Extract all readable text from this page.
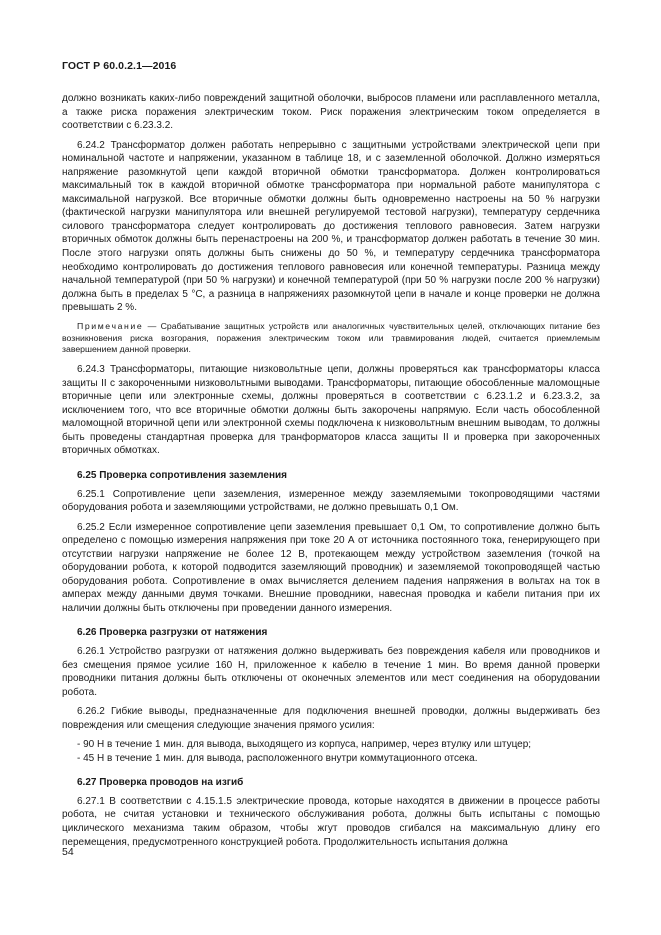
ГОСТ Р 60.0.2.1—2016

должно возникать каких-либо повреждений защитной оболочки, выбросов пламени или расплавленного металла, а также риска поражения электрическим током. Риск поражения электрическим током определяется в соответствии с 6.23.3.2.

6.24.2 Трансформатор должен работать непрерывно с защитными устройствами электрической цепи при номинальной частоте и напряжении, указанном в таблице 18, и с заземленной оболочкой. Должно измеряться напряжение разомкнутой цепи каждой вторичной обмотки трансформатора. Должен контролироваться максимальный ток в каждой вторичной обмотке трансформатора при нормальной работе манипулятора с максимальной нагрузкой. Все вторичные обмотки должны быть одновременно настроены на 50 % нагрузки (фактической нагрузки манипулятора или внешней регулируемой тестовой нагрузки), температуру сердечника силового трансформатора следует контролировать до достижения теплового равновесия. Затем нагрузки вторичных обмоток должны быть перенастроены на 200 %, и трансформатор должен работать в течение 30 мин. После этого нагрузки опять должны быть снижены до 50 %, и температуру сердечника трансформатора необходимо контролировать до достижения теплового равновесия или конечной температуры. Разница между начальной температурой (при 50 % нагрузки) и конечной температурой (при 50 % нагрузки после 200 % нагрузки) должна быть в пределах 5 °С, а разница в напряжениях разомкнутой цепи в начале и конце проверки не должна превышать 2 %.

Примечание — Срабатывание защитных устройств или аналогичных чувствительных целей, отключающих питание без возникновения риска возгорания, поражения электрическим током или травмирования людей, считается приемлемым завершением данной проверки.

6.24.3 Трансформаторы, питающие низковольтные цепи, должны проверяться как трансформаторы класса защиты II с закороченными низковольтными выводами. Трансформаторы, питающие обособленные маломощные вторичные цепи или электронные схемы, должны проверяться в соответствии с 6.23.1.2 и 6.23.3.2, за исключением того, что все вторичные обмотки должны быть закорочены напрямую. Если часть обособленной маломощной вторичной цепи или электронной схемы подключена к низковольтным внешним выводам, то должны быть проведены стандартная проверка для транформаторов класса защиты II и проверка при закороченных вторичных обмотках.

6.25 Проверка сопротивления заземления

6.25.1 Сопротивление цепи заземления, измеренное между заземляемыми токопроводящими частями оборудования робота и заземляющими устройствами, не должно превышать 0,1 Ом.

6.25.2 Если измеренное сопротивление цепи заземления превышает 0,1 Ом, то сопротивление должно быть определено с помощью измерения напряжения при токе 20 А от источника постоянного тока, генерирующего при отсутствии нагрузки напряжение не более 12 В, протекающем между устройством заземления (точкой на оборудовании робота, к которой подводится заземляющий проводник) и заземляемой токопроводящей частью оборудования робота. Сопротивление в омах вычисляется делением падения напряжения в вольтах на ток в амперах между данными двумя точками. Внешние проводники, навесная проводка и кабели питания при их наличии должны быть отключены при проведении данного измерения.

6.26 Проверка разгрузки от натяжения

6.26.1 Устройство разгрузки от натяжения должно выдерживать без повреждения кабеля или проводников и без смещения прямое усилие 160 Н, приложенное к кабелю в течение 1 мин. Во время данной проверки проводники питания должны быть отключены от оконечных элементов или мест соединения на оборудовании робота.

6.26.2 Гибкие выводы, предназначенные для подключения внешней проводки, должны выдерживать без повреждения или смещения следующие значения прямого усилия:

- 90 Н в течение 1 мин. для вывода, выходящего из корпуса, например, через втулку или штуцер;
- 45 Н в течение 1 мин. для вывода, расположенного внутри коммутационного отсека.
6.27 Проверка проводов на изгиб

6.27.1 В соответствии с 4.15.1.5 электрические провода, которые находятся в движении в процессе работы робота, не считая установки и технического обслуживания робота, должны быть испытаны с помощью циклического механизма таким образом, чтобы жгут проводов сгибался на максимальную длину его перемещения, предусмотренного конструкцией робота. Продолжительность испытания должна

54
